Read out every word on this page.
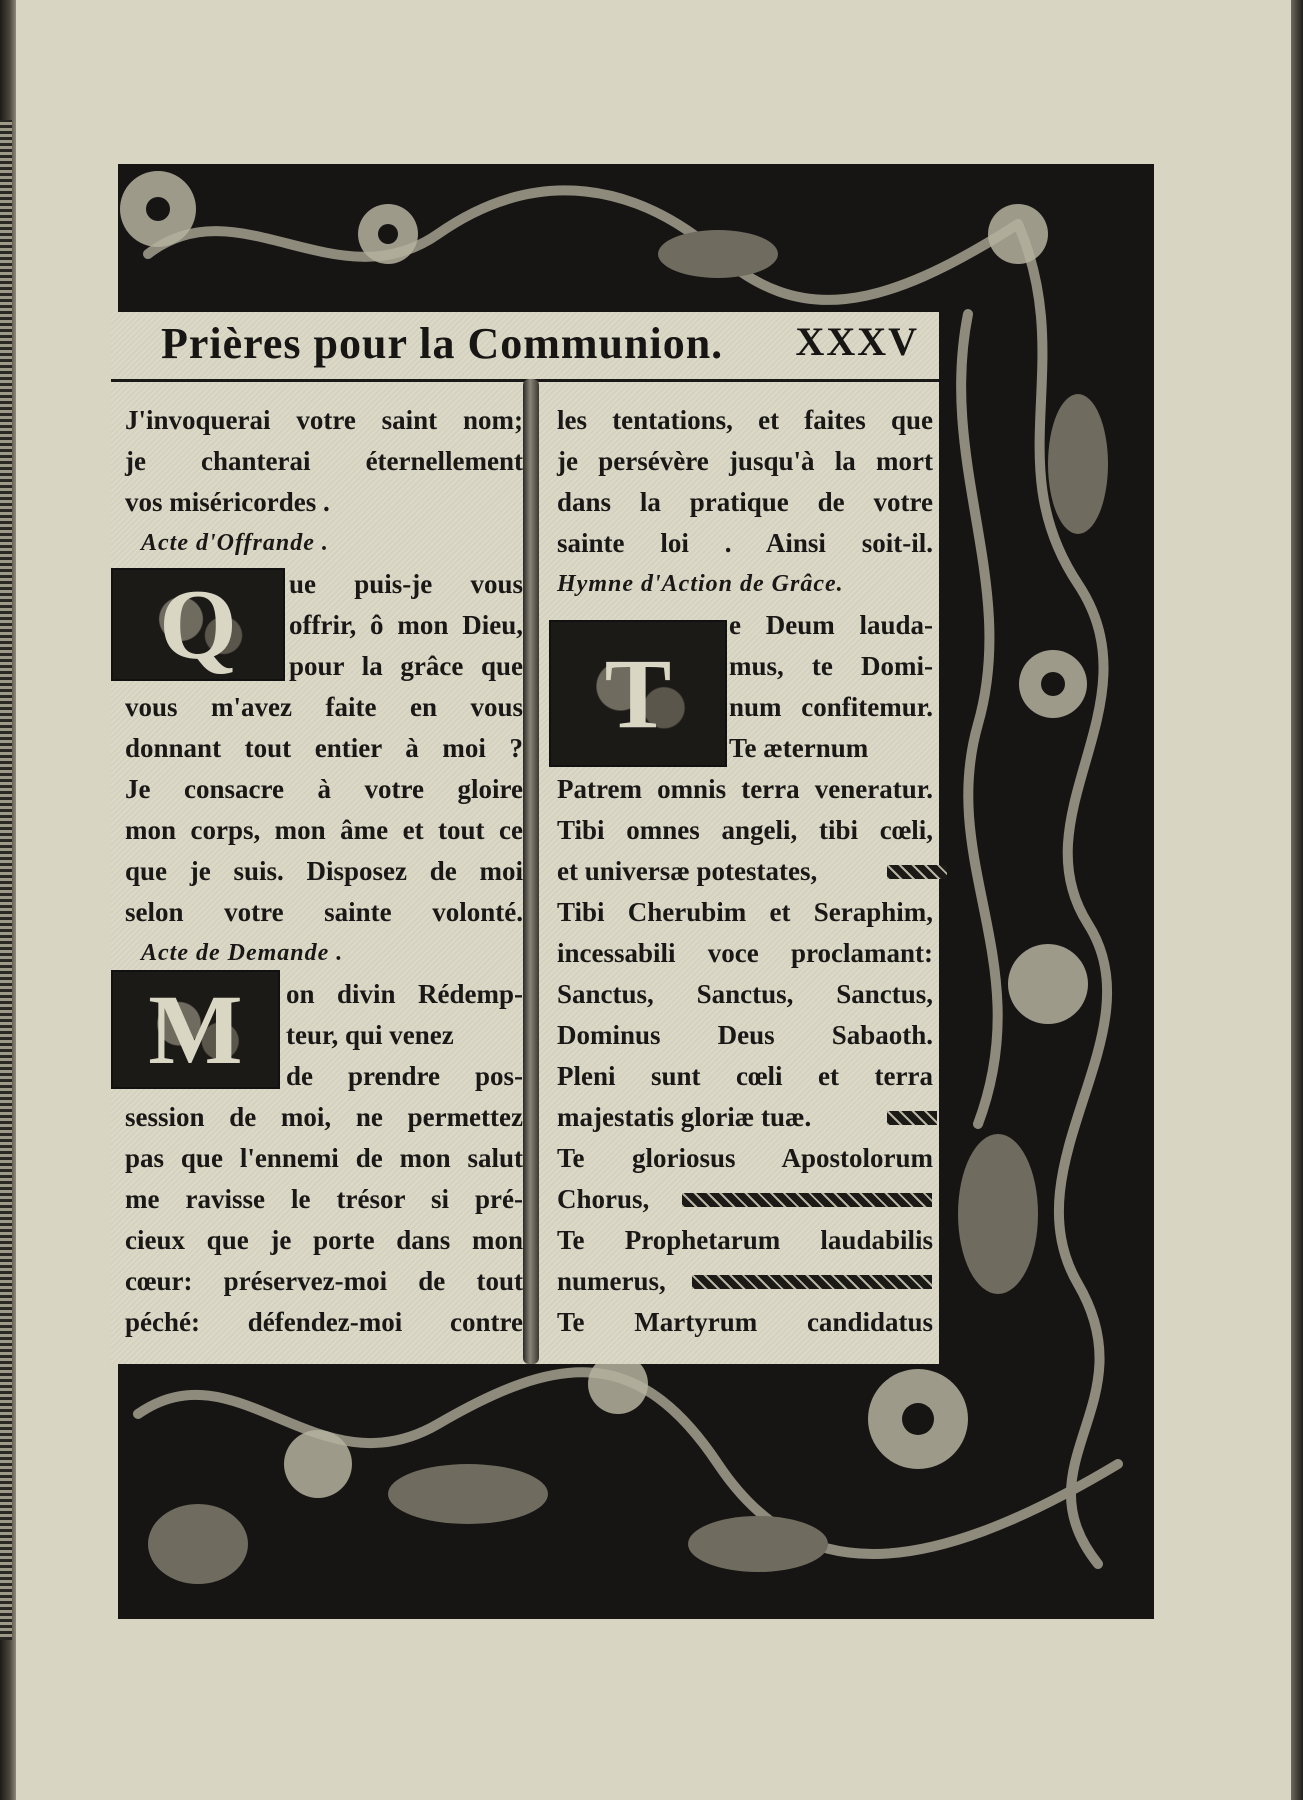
Prières pour la Communion. XXXV
Q
M
T
J'invoquerai votre saint nom;
je chanterai éternellement
vos miséricordes .
Acte d'Offrande .
ue puis-je vous
offrir, ô mon Dieu,
pour la grâce que
vous m'avez faite en vous
donnant tout entier à moi ?
Je consacre à votre gloire
mon corps, mon âme et tout ce
que je suis. Disposez de moi
selon votre sainte volonté.
Acte de Demande .
on divin Rédemp-
teur, qui venez
de prendre pos-
session de moi, ne permettez
pas que l'ennemi de mon salut
me ravisse le trésor si pré-
cieux que je porte dans mon
cœur: préservez-moi de tout
péché: défendez-moi contre
les tentations, et faites que
je persévère jusqu'à la mort
dans la pratique de votre
sainte loi . Ainsi soit-il.
Hymne d'Action de Grâce.
e Deum lauda-
mus, te Domi-
num confitemur.
Te æternum
Patrem omnis terra veneratur.
Tibi omnes angeli, tibi cœli,
et universæ potestates,
Tibi Cherubim et Seraphim,
incessabili voce proclamant:
Sanctus, Sanctus, Sanctus,
Dominus Deus Sabaoth.
Pleni sunt cœli et terra
majestatis gloriæ tuæ.
Te gloriosus Apostolorum
Chorus,
Te Prophetarum laudabilis
numerus,
Te Martyrum candidatus
